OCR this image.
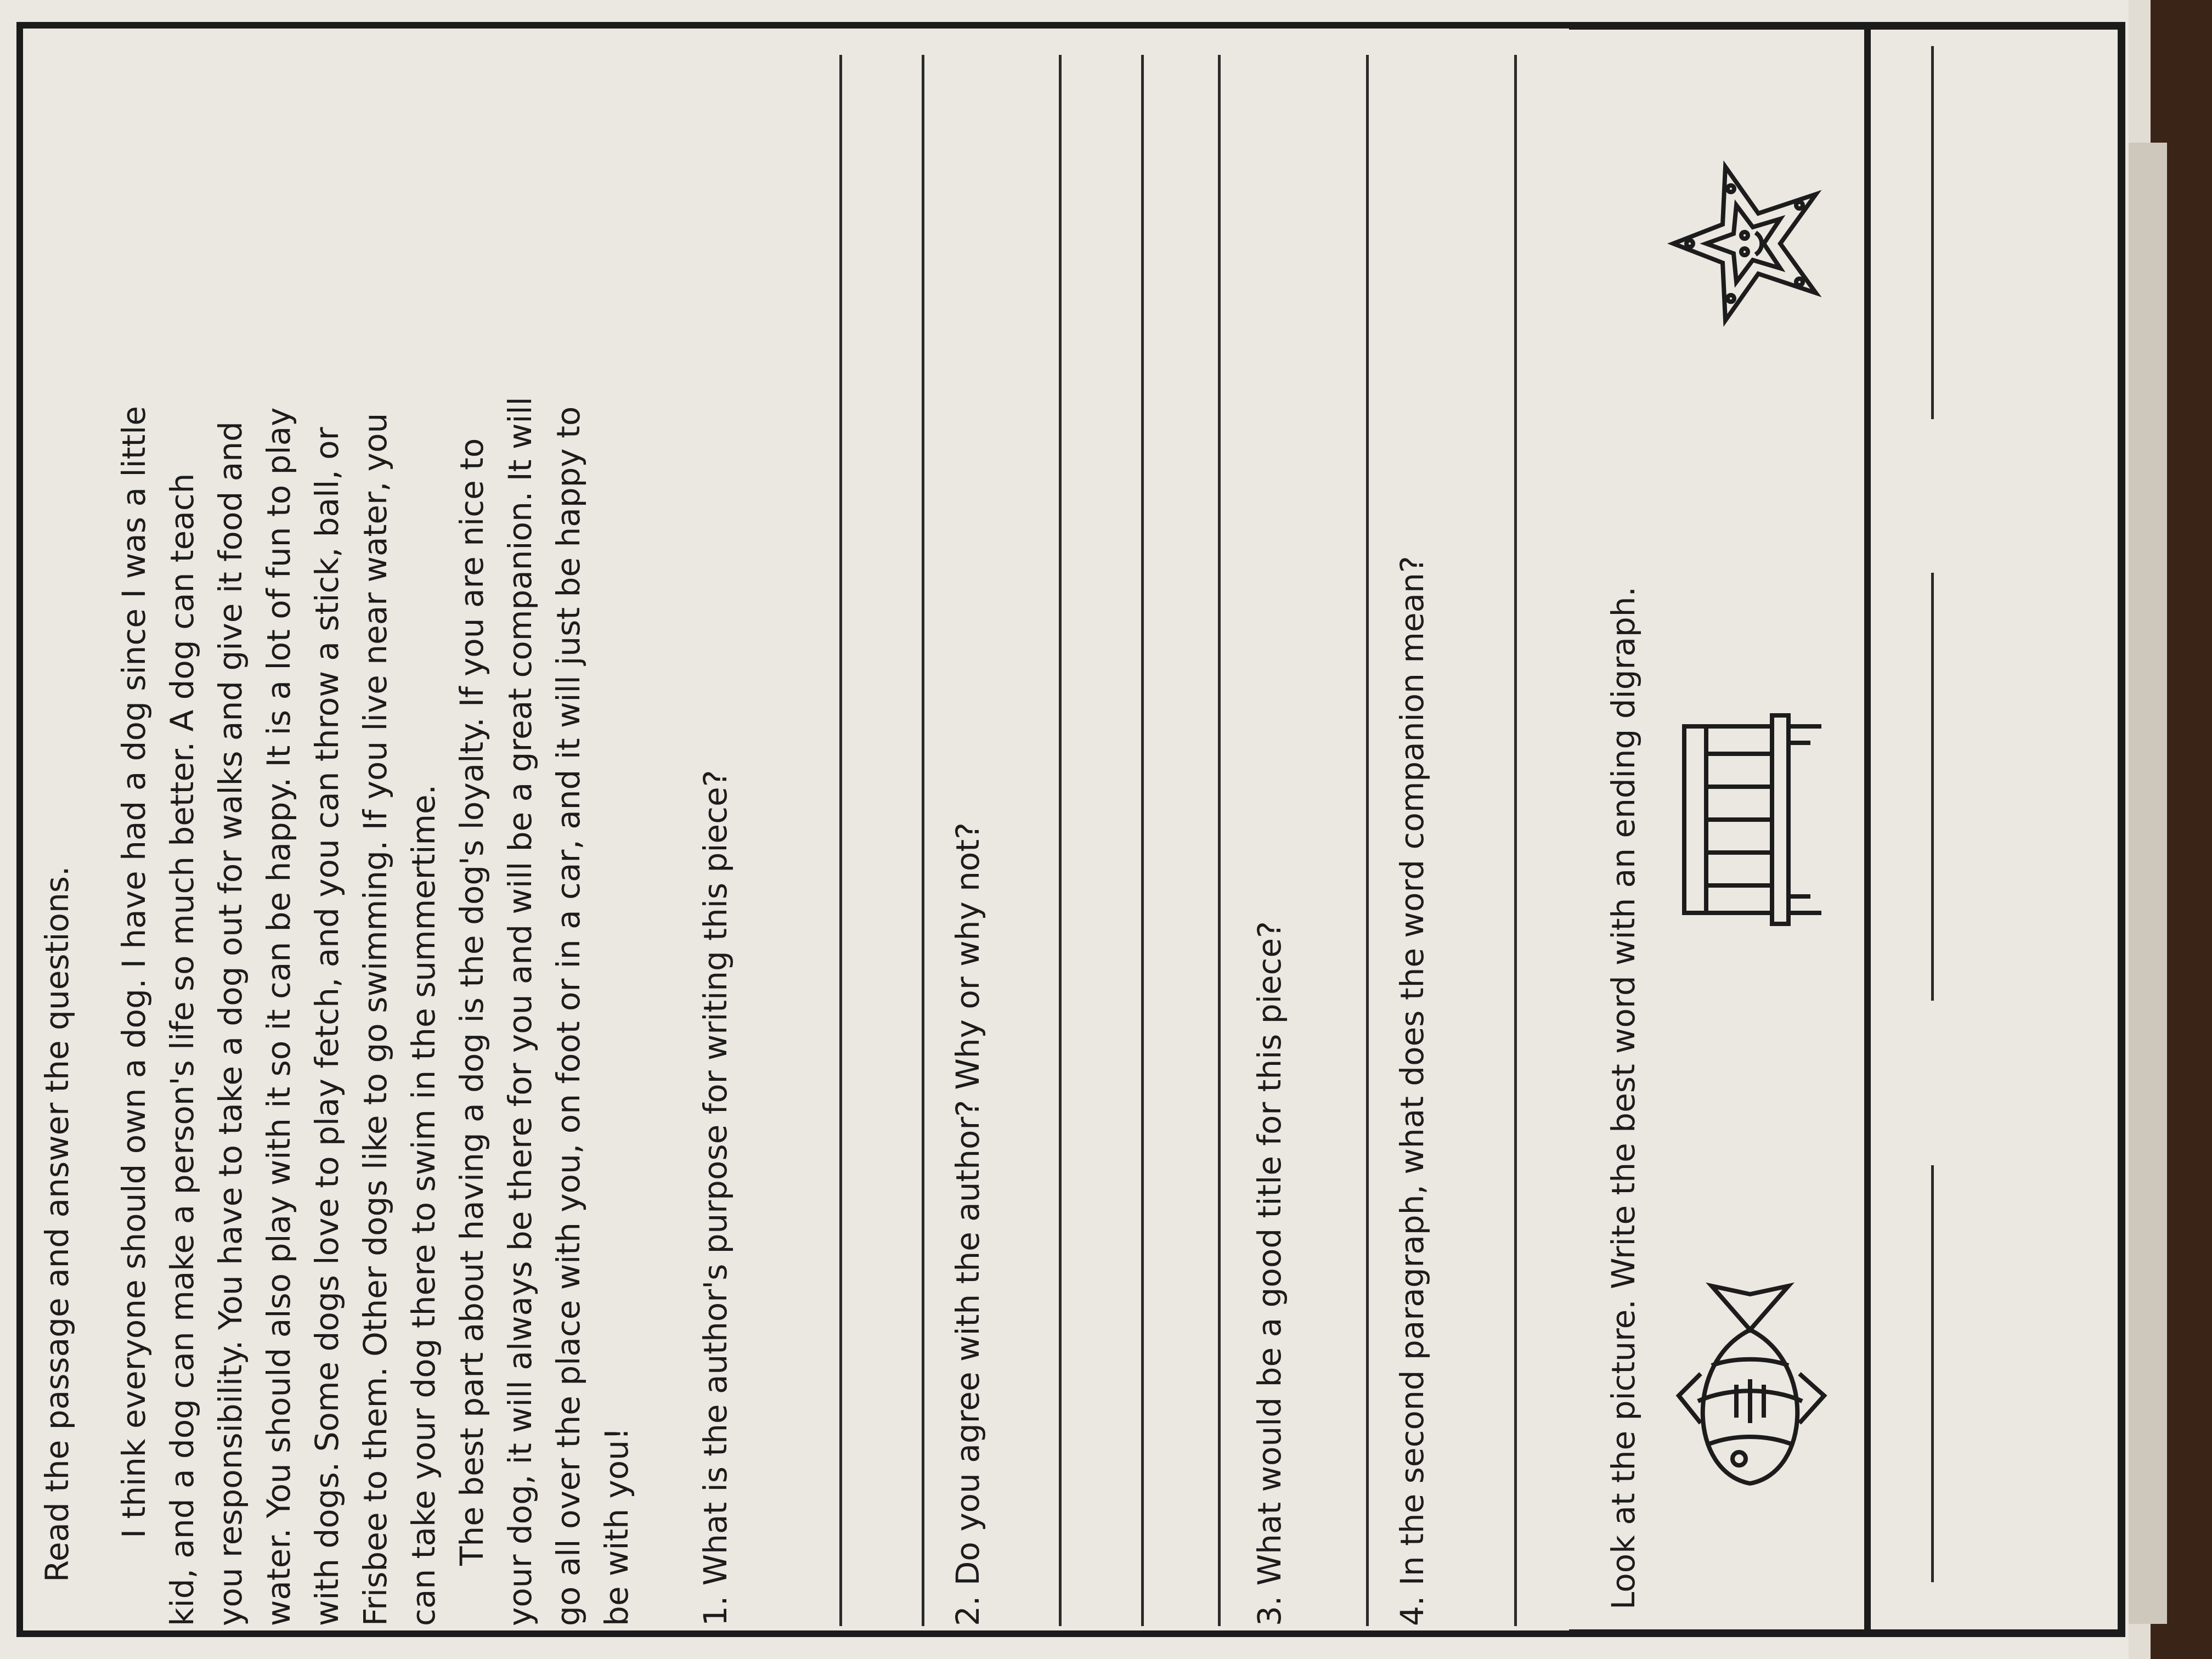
Read the passage and answer the questions. I think everyone should own a dog. I have had a dog since I was a little kid, and a dog can make a person's life so much better. A dog can teach you responsibility. You have to take a dog out for walks and give it food and water. You should also play with it so it can be happy. It is a lot of fun to play with dogs. Some dogs love to play fetch, and you can throw a stick, ball, or Frisbee to them. Other dogs like to go swimming. If you live near water, you can take your dog there to swim in the summertime. The best part about having a dog is the dog's loyalty. If you are nice to your dog, it will always be there for you and will be a great companion. It will go all over the place with you, on foot or in a car, and it will just be happy to be with you! 1. What is the author's purpose for writing this piece?	2. Do you agree with the author? Why or why not?	3. What would be a good title for this piece?	4. In the second paragraph, what does the word companion mean?	Look at the picture. Write the best word with an ending digraph.
